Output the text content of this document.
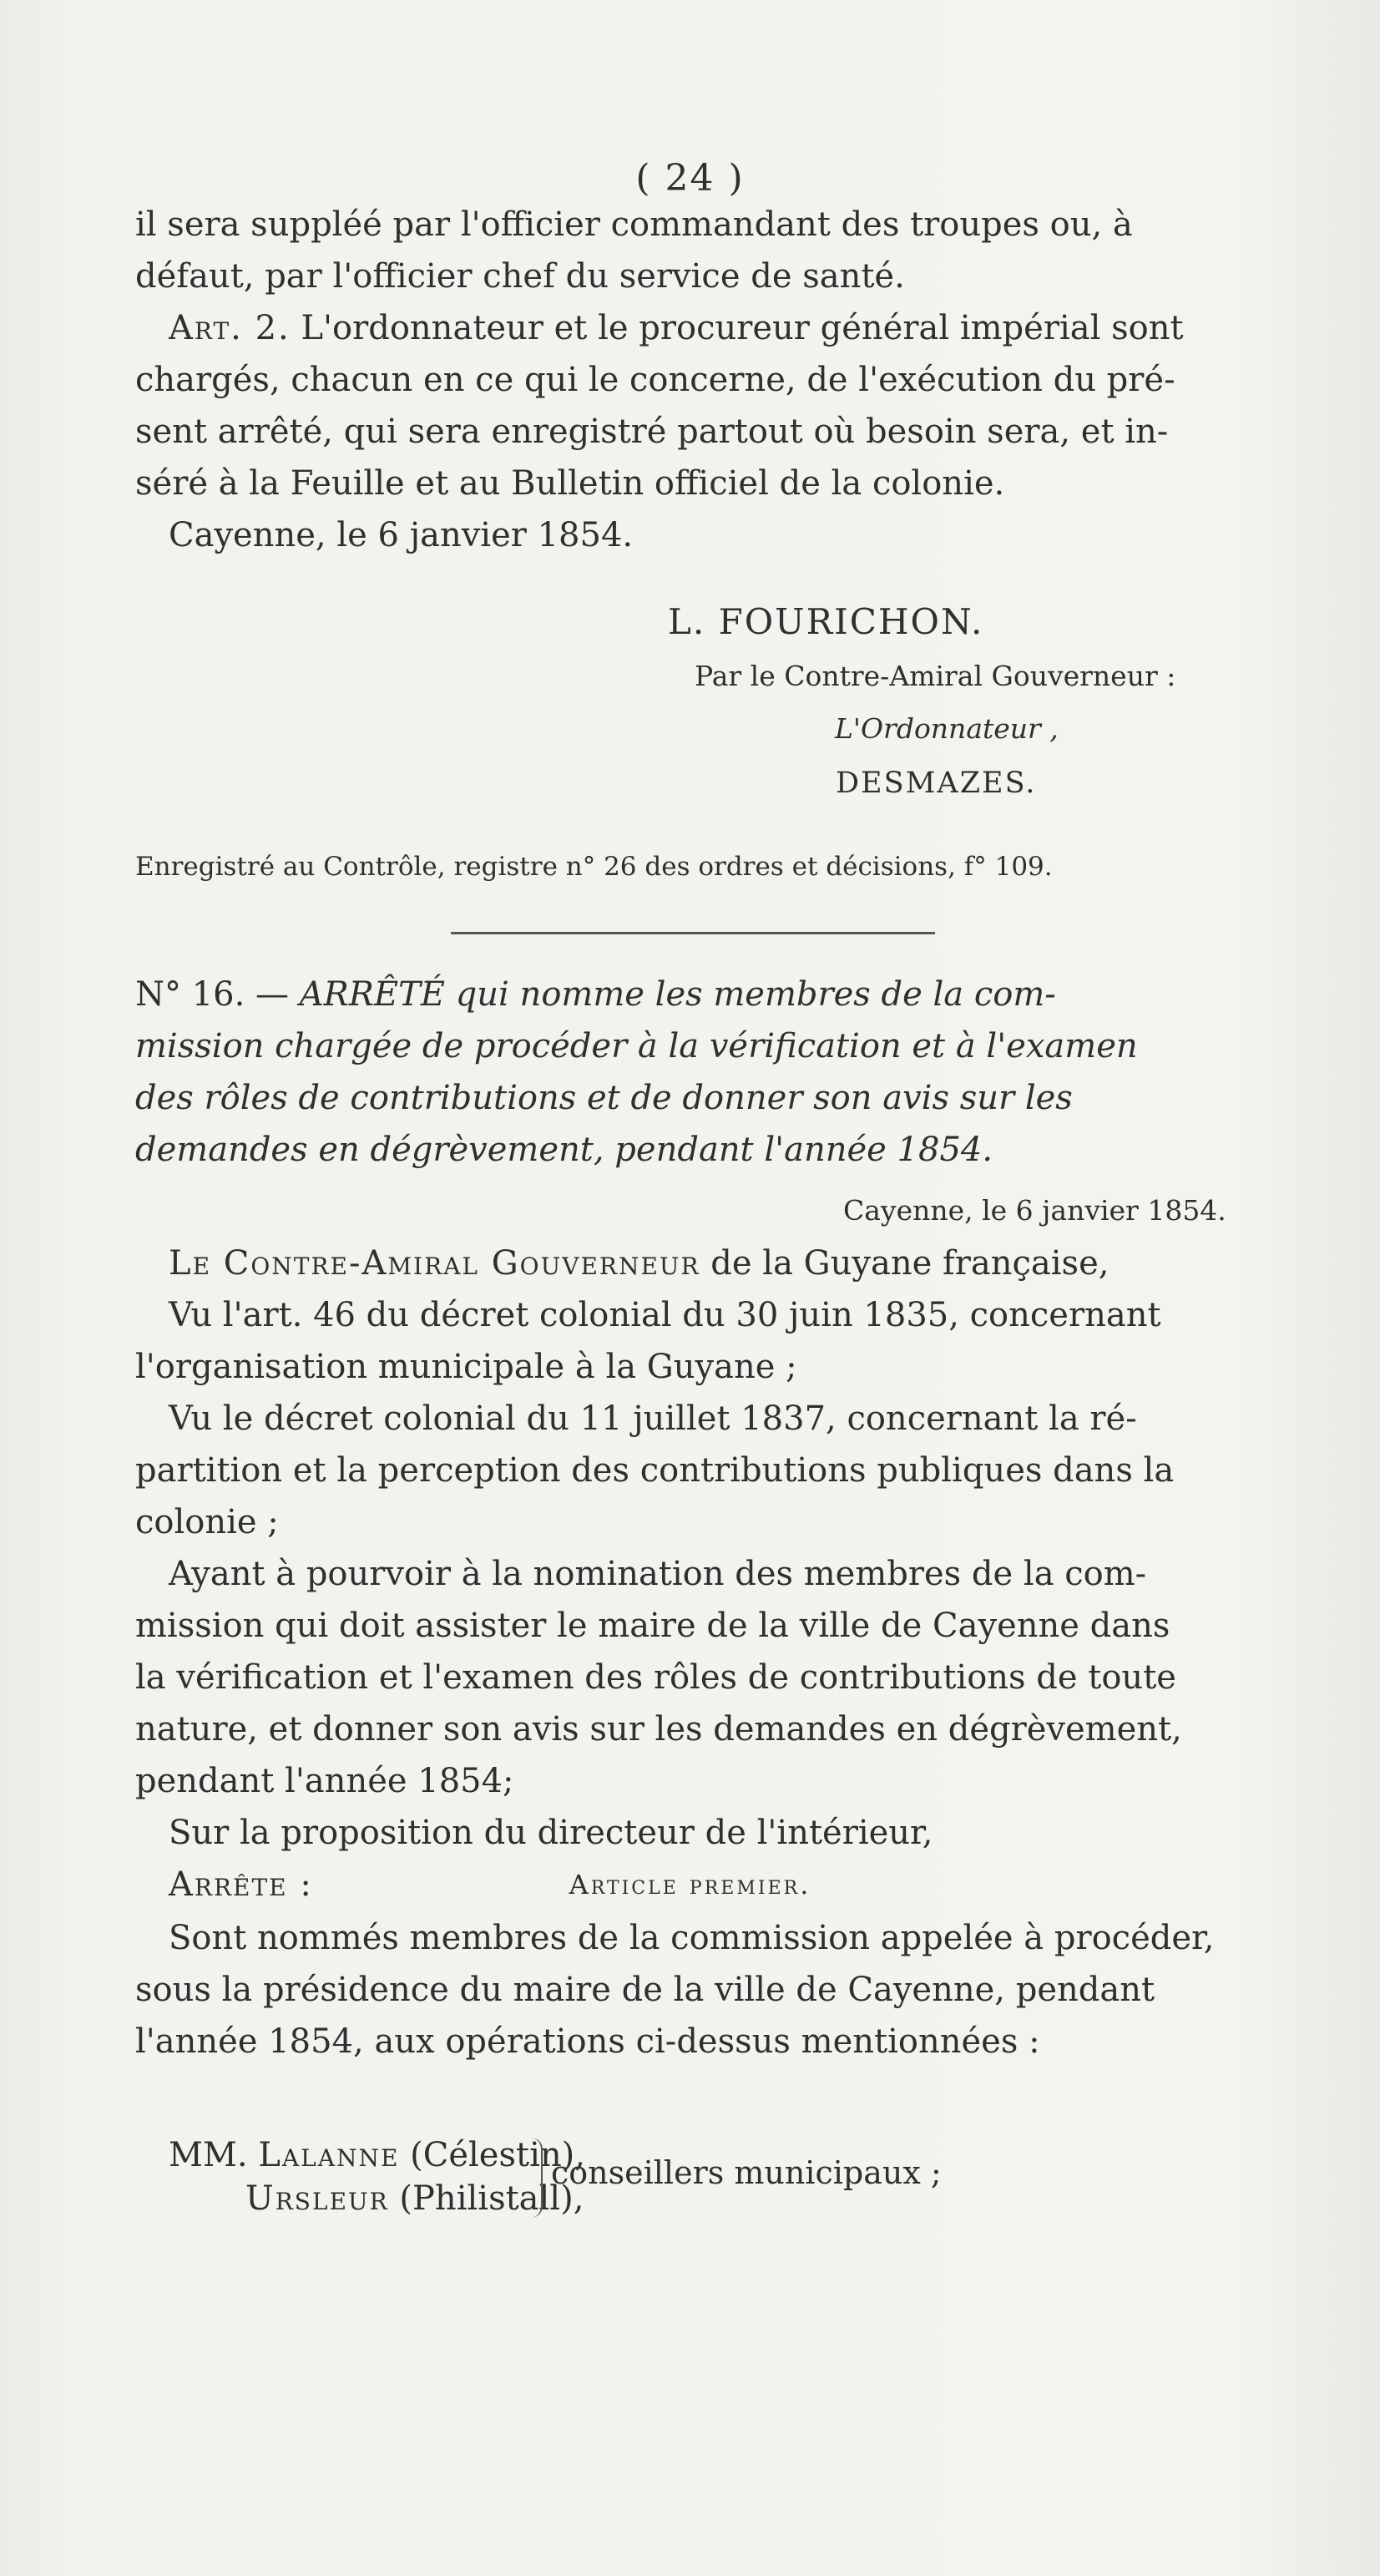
( 24 )

il sera suppléé par l'officier commandant des troupes ou, à

défaut, par l'officier chef du service de santé.

Art. 2. L'ordonnateur et le procureur général impérial sont

chargés, chacun en ce qui le concerne, de l'exécution du pré-

sent arrêté, qui sera enregistré partout où besoin sera, et in-

séré à la Feuille et au Bulletin officiel de la colonie.

Cayenne, le 6 janvier 1854.

L. FOURICHON.
Par le Contre-Amiral Gouverneur :
L'Ordonnateur ,
DESMAZES.
Enregistré au Contrôle, registre n° 26 des ordres et décisions, f° 109.

N° 16. — ARRÊTÉ qui nomme les membres de la com-

mission chargée de procéder à la vérification et à l'examen

des rôles de contributions et de donner son avis sur les

demandes en dégrèvement, pendant l'année 1854.

Cayenne, le 6 janvier 1854.

Le Contre-Amiral Gouverneur de la Guyane française,

Vu l'art. 46 du décret colonial du 30 juin 1835, concernant

l'organisation municipale à la Guyane ;

Vu le décret colonial du 11 juillet 1837, concernant la ré-

partition et la perception des contributions publiques dans la

colonie ;

Ayant à pourvoir à la nomination des membres de la com-

mission qui doit assister le maire de la ville de Cayenne dans

la vérification et l'examen des rôles de contributions de toute

nature, et donner son avis sur les demandes en dégrèvement,

pendant l'année 1854;

Sur la proposition du directeur de l'intérieur,

Arrête :	Article premier.

Sont nommés membres de la commission appelée à procéder,

sous la présidence du maire de la ville de Cayenne, pendant

l'année 1854, aux opérations ci-dessus mentionnées :

MM. Lalanne (Célestin),

Ursleur (Philistall),

conseillers municipaux ;
